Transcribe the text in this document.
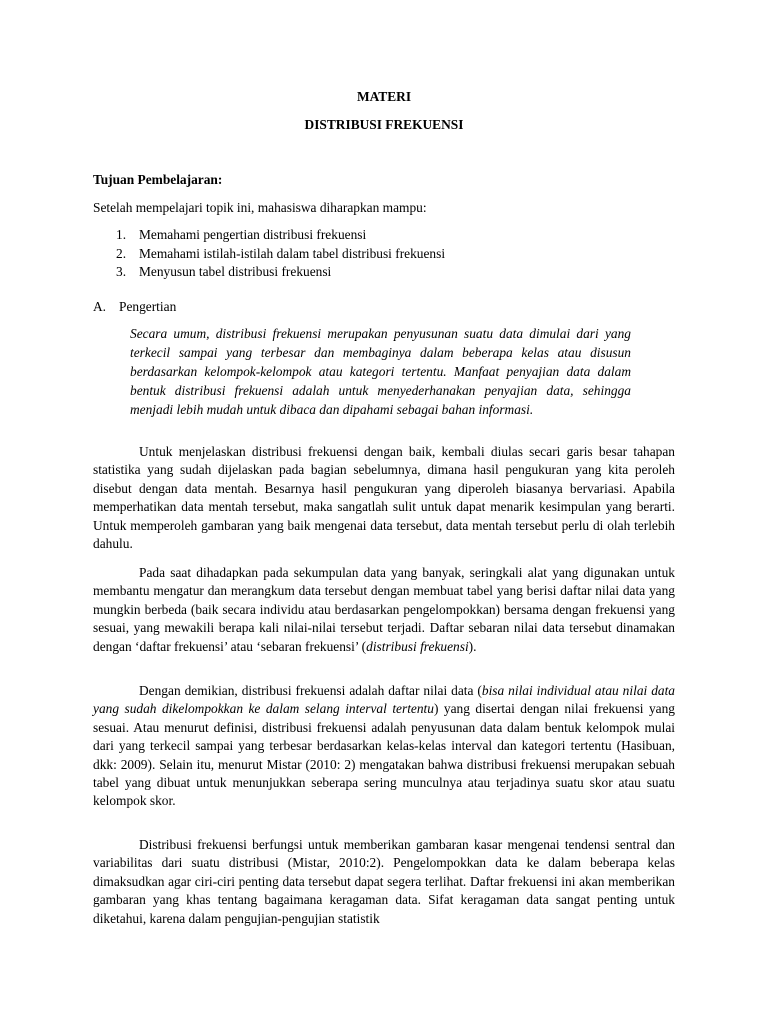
MATERI

DISTRIBUSI FREKUENSI

Tujuan Pembelajaran:

Setelah mempelajari topik ini, mahasiswa diharapkan mampu:

1. Memahami pengertian distribusi frekuensi
2. Memahami istilah-istilah dalam tabel distribusi frekuensi
3. Menyusun tabel distribusi frekuensi

A. Pengertian

Secara umum, distribusi frekuensi merupakan penyusunan suatu data dimulai dari yang terkecil sampai yang terbesar dan membaginya dalam beberapa kelas atau disusun berdasarkan kelompok-kelompok atau kategori tertentu. Manfaat penyajian data dalam bentuk distribusi frekuensi adalah untuk menyederhanakan penyajian data, sehingga menjadi lebih mudah untuk dibaca dan dipahami sebagai bahan informasi.

Untuk menjelaskan distribusi frekuensi dengan baik, kembali diulas secari garis besar tahapan statistika yang sudah dijelaskan pada bagian sebelumnya, dimana hasil pengukuran yang kita peroleh disebut dengan data mentah. Besarnya hasil pengukuran yang diperoleh biasanya bervariasi. Apabila memperhatikan data mentah tersebut, maka sangatlah sulit untuk dapat menarik kesimpulan yang berarti. Untuk memperoleh gambaran yang baik mengenai data tersebut, data mentah tersebut perlu di olah terlebih dahulu.

Pada saat dihadapkan pada sekumpulan data yang banyak, seringkali alat yang digunakan untuk membantu mengatur dan merangkum data tersebut dengan membuat tabel yang berisi daftar nilai data yang mungkin berbeda (baik secara individu atau berdasarkan pengelompokkan) bersama dengan frekuensi yang sesuai, yang mewakili berapa kali nilai-nilai tersebut terjadi. Daftar sebaran nilai data tersebut dinamakan dengan ‘daftar frekuensi’ atau ‘sebaran frekuensi’ (distribusi frekuensi).

Dengan demikian, distribusi frekuensi adalah daftar nilai data (bisa nilai individual atau nilai data yang sudah dikelompokkan ke dalam selang interval tertentu) yang disertai dengan nilai frekuensi yang sesuai. Atau menurut definisi, distribusi frekuensi adalah penyusunan data dalam bentuk kelompok mulai dari yang terkecil sampai yang terbesar berdasarkan kelas-kelas interval dan kategori tertentu (Hasibuan, dkk: 2009). Selain itu, menurut Mistar (2010: 2) mengatakan bahwa distribusi frekuensi merupakan sebuah tabel yang dibuat untuk menunjukkan seberapa sering munculnya atau terjadinya suatu skor atau suatu kelompok skor.

Distribusi frekuensi berfungsi untuk memberikan gambaran kasar mengenai tendensi sentral dan variabilitas dari suatu distribusi (Mistar, 2010:2). Pengelompokkan data ke dalam beberapa kelas dimaksudkan agar ciri-ciri penting data tersebut dapat segera terlihat. Daftar frekuensi ini akan memberikan gambaran yang khas tentang bagaimana keragaman data. Sifat keragaman data sangat penting untuk diketahui, karena dalam pengujian-pengujian statistik
